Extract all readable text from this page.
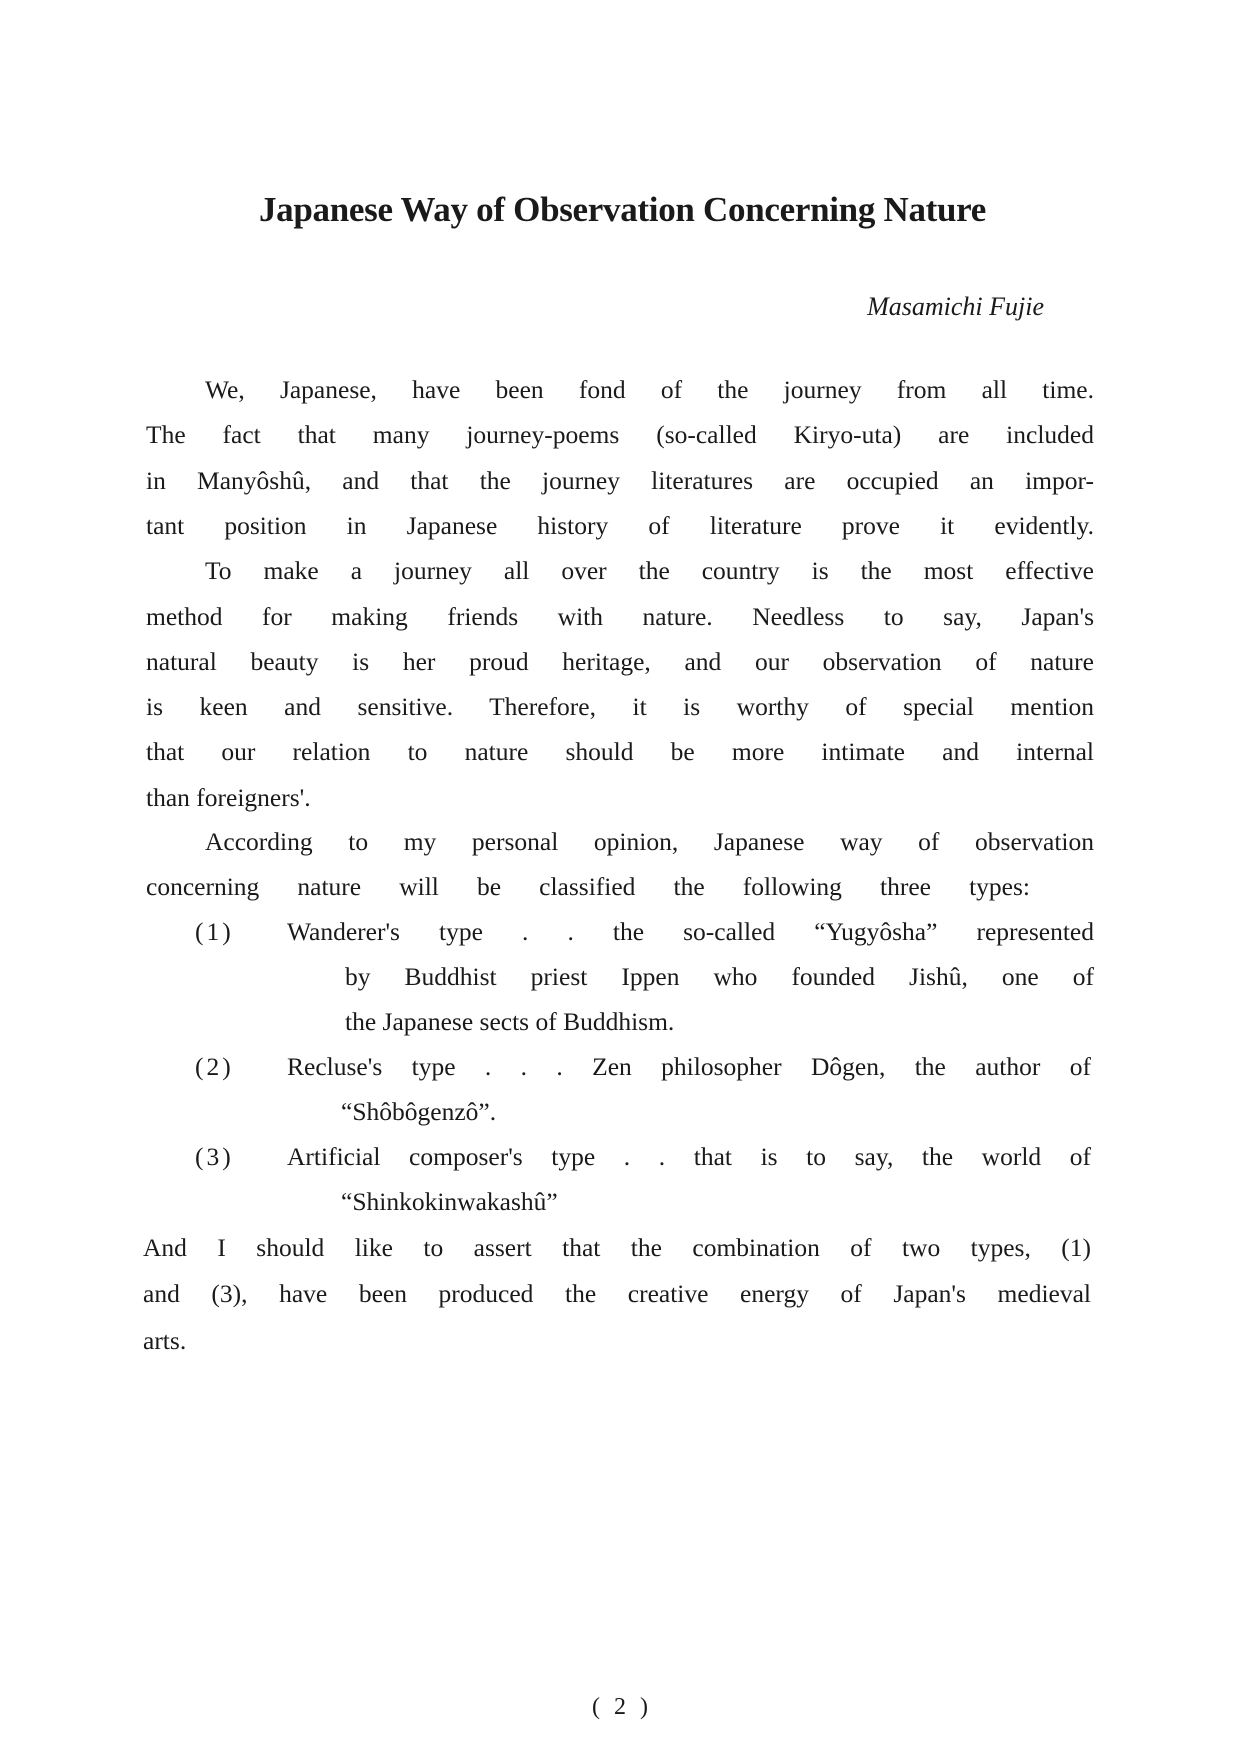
Japanese Way of Observation Concerning Nature
Masamichi Fujie
We, Japanese, have been fond of the journey from all time.
The fact that many journey-poems (so-called Kiryo-uta) are included
in Manyôshû, and that the journey literatures are occupied an impor-
tant position in Japanese history of literature prove it evidently.
To make a journey all over the country is the most effective
method for making friends with nature. Needless to say, Japan's
natural beauty is her proud heritage, and our observation of nature
is keen and sensitive. Therefore, it is worthy of special mention
that our relation to nature should be more intimate and internal
than foreigners'.
According to my personal opinion, Japanese way of observation
concerning nature will be classified the following three types:
(1) Wanderer's type . . the so-called “Yugyôsha” represented
by Buddhist priest Ippen who founded Jishû, one of
the Japanese sects of Buddhism.
(2) Recluse's type . . . Zen philosopher Dôgen, the author of
“Shôbôgenzô”.
(3) Artificial composer's type . . that is to say, the world of
“Shinkokinwakashû”
And I should like to assert that the combination of two types, (1)
and (3), have been produced the creative energy of Japan's medieval
arts.
( 2 )
